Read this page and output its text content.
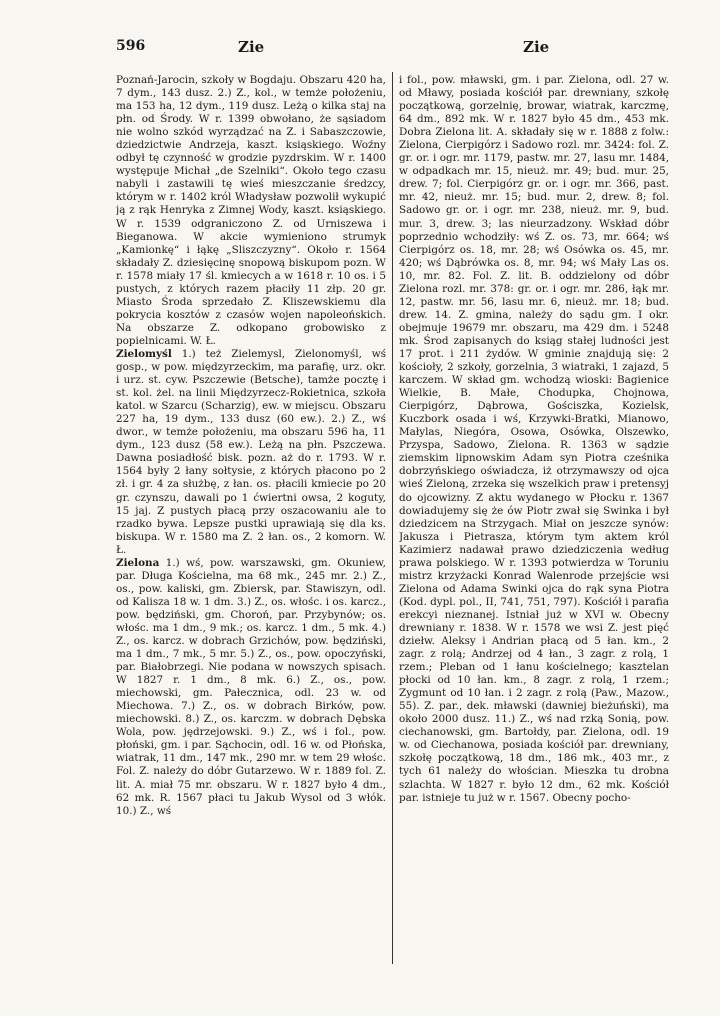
596	Zie	Zie

Poznań-Jarocin, szkoły w Bogdaju. Obszaru 420 ha, 7 dym., 143 dusz. 2.) Z., kol., w temże położeniu, ma 153 ha, 12 dym., 119 dusz. Leżą o kilka staj na płn. od Środy. W r. 1399 obwołano, że sąsiadom nie wolno szkód wyrządzać na Z. i Sabaszczowie, dziedzictwie Andrzeja, kaszt. ksiąskiego. Woźny odbył tę czynność w grodzie pyzdrskim. W r. 1400 występuje Michał „de Szelniki“. Około tego czasu nabyli i zastawili tę wieś mieszczanie średzcy, którym w r. 1402 król Władysław pozwolił wykupić ją z rąk Henryka z Zimnej Wody, kaszt. ksiąskiego. W r. 1539 odgraniczono Z. od Urniszewa i Bieganowa. W akcie wymieniono strumyk „Kamionkę“ i łąkę „Sliszczyzny“. Około r. 1564 składały Z. dziesięcinę snopową biskupom pozn. W r. 1578 miały 17 śl. kmiecych a w 1618 r. 10 os. i 5 pustych, z których razem płaciły 11 złp. 20 gr. Miasto Środa sprzedało Z. Kliszewskiemu dla pokrycia kosztów z czasów wojen napoleońskich. Na obszarze Z. odkopano grobowisko z popielnicami. W. Ł.

Zielomyśl 1.) też Zielemysl, Zielonomyśl, wś gosp., w pow. międzyrzeckim, ma parafię, urz. okr. i urz. st. cyw. Pszczewie (Betsche), tamże pocztę i st. kol. żel. na linii Międzyrzecz-Rokietnica, szkoła katol. w Szarcu (Scharzig), ew. w miejscu. Obszaru 227 ha, 19 dym., 133 dusz (60 ew.). 2.) Z., wś dwor., w temże położeniu, ma obszaru 596 ha, 11 dym., 123 dusz (58 ew.). Leżą na płn. Pszczewa. Dawna posiadłość bisk. pozn. aż do r. 1793. W r. 1564 były 2 łany sołtysie, z których płacono po 2 zł. i gr. 4 za służbę, z łan. os. płacili kmiecie po 20 gr. czynszu, dawali po 1 ćwiertni owsa, 2 koguty, 15 jaj. Z pustych płacą przy oszacowaniu ale to rzadko bywa. Lepsze pustki uprawiają się dla ks. biskupa. W r. 1580 ma Z. 2 łan. os., 2 komorn. W. Ł.

Zielona 1.) wś, pow. warszawski, gm. Okuniew, par. Długa Kościelna, ma 68 mk., 245 mr. 2.) Z., os., pow. kaliski, gm. Zbiersk, par. Stawiszyn, odl. od Kalisza 18 w. 1 dm. 3.) Z., os. włośc. i os. karcz., pow. będziński, gm. Choroń, par. Przybynów; os. włośc. ma 1 dm., 9 mk.; os. karcz. 1 dm., 5 mk. 4.) Z., os. karcz. w dobrach Grzichów, pow. będziński, ma 1 dm., 7 mk., 5 mr. 5.) Z., os., pow. opoczyński, par. Białobrzegi. Nie podana w nowszych spisach. W 1827 r. 1 dm., 8 mk. 6.) Z., os., pow. miechowski, gm. Pałecznica, odl. 23 w. od Miechowa. 7.) Z., os. w dobrach Birków, pow. miechowski. 8.) Z., os. karczm. w dobrach Dębska Wola, pow. jędrzejowski. 9.) Z., wś i fol., pow. płoński, gm. i par. Sąchocin, odl. 16 w. od Płońska, wiatrak, 11 dm., 147 mk., 290 mr. w tem 29 włośc. Fol. Z. należy do dóbr Gutarzewo. W r. 1889 fol. Z. lit. A. miał 75 mr. obszaru. W r. 1827 było 4 dm., 62 mk. R. 1567 płaci tu Jakub Wysol od 3 włók. 10.) Z., wś

i fol., pow. mławski, gm. i par. Zielona, odl. 27 w. od Mławy, posiada kościół par. drewniany, szkołę początkową, gorzelnię, browar, wiatrak, karczmę, 64 dm., 892 mk. W r. 1827 było 45 dm., 453 mk. Dobra Zielona lit. A. składały się w r. 1888 z folw.: Zielona, Cierpigórz i Sadowo rozl. mr. 3424: fol. Z. gr. or. i ogr. mr. 1179, pastw. mr. 27, lasu mr. 1484, w odpadkach mr. 15, nieuż. mr. 49; bud. mur. 25, drew. 7; fol. Cierpigórz gr. or. i ogr. mr. 366, past. mr. 42, nieuż. mr. 15; bud. mur. 2, drew. 8; fol. Sadowo gr. or. i ogr. mr. 238, nieuż. mr. 9, bud. mur. 3, drew. 3; las nieurzadzony. Wskład dóbr poprzednio wchodziły: wś Z. os. 73, mr. 664; wś Cierpigórz os. 18, mr. 28; wś Osówka os. 45, mr. 420; wś Dąbrówka os. 8, mr. 94; wś Mały Las os. 10, mr. 82. Fol. Z. lit. B. oddzielony od dóbr Zielona rozl. mr. 378: gr. or. i ogr. mr. 286, łąk mr. 12, pastw. mr. 56, lasu mr. 6, nieuż. mr. 18; bud. drew. 14. Z. gmina, należy do sądu gm. I okr. obejmuje 19679 mr. obszaru, ma 429 dm. i 5248 mk. Środ zapisanych do ksiąg stałej ludności jest 17 prot. i 211 żydów. W gminie znajdują się: 2 kościoły, 2 szkoły, gorzelnia, 3 wiatraki, 1 zajazd, 5 karczem. W skład gm. wchodzą wioski: Bagienice Wielkie, B. Małe, Chodupka, Chojnowa, Cierpigórz, Dąbrowa, Gościszka, Kozielsk, Kuczbork osada i wś, Krzywki-Bratki, Mianowo, Małylas, Niegóra, Osowa, Osówka, Olszewko, Przyspa, Sadowo, Zielona. R. 1363 w sądzie ziemskim lipnowskim Adam syn Piotra cześnika dobrzyńskiego oświadcza, iż otrzymawszy od ojca wieś Zieloną, zrzeka się wszelkich praw i pretensyj do ojcowizny. Z aktu wydanego w Płocku r. 1367 dowiadujemy się że ów Piotr zwał się Swinka i był dziedzicem na Strzygach. Miał on jeszcze synów: Jakusza i Pietrasza, którym tym aktem król Kazimierz nadawał prawo dziedziczenia według prawa polskiego. W r. 1393 potwierdza w Toruniu mistrz krzyżacki Konrad Walenrode przejście wsi Zielona od Adama Swinki ojca do rąk syna Piotra (Kod. dypl. pol., II, 741, 751, 797). Kościół i parafia erekcyi nieznanej. Istniał już w XVI w. Obecny drewniany r. 1838. W r. 1578 we wsi Z. jest pięć dziełw. Aleksy i Andrian płacą od 5 łan. km., 2 zagr. z rolą; Andrzej od 4 łan., 3 zagr. z rolą, 1 rzem.; Pleban od 1 łanu kościelnego; kasztelan płocki od 10 łan. km., 8 zagr. z rolą, 1 rzem.; Zygmunt od 10 łan. i 2 zagr. z rolą (Paw., Mazow., 55). Z. par., dek. mławski (dawniej bieżuński), ma około 2000 dusz. 11.) Z., wś nad rzką Sonią, pow. ciechanowski, gm. Bartołdy, par. Zielona, odl. 19 w. od Ciechanowa, posiada kościół par. drewniany, szkołę początkową, 18 dm., 186 mk., 403 mr., z tych 61 należy do włościan. Mieszka tu drobna szlachta. W 1827 r. było 12 dm., 62 mk. Kościół par. istnieje tu już w r. 1567. Obecny pocho-
